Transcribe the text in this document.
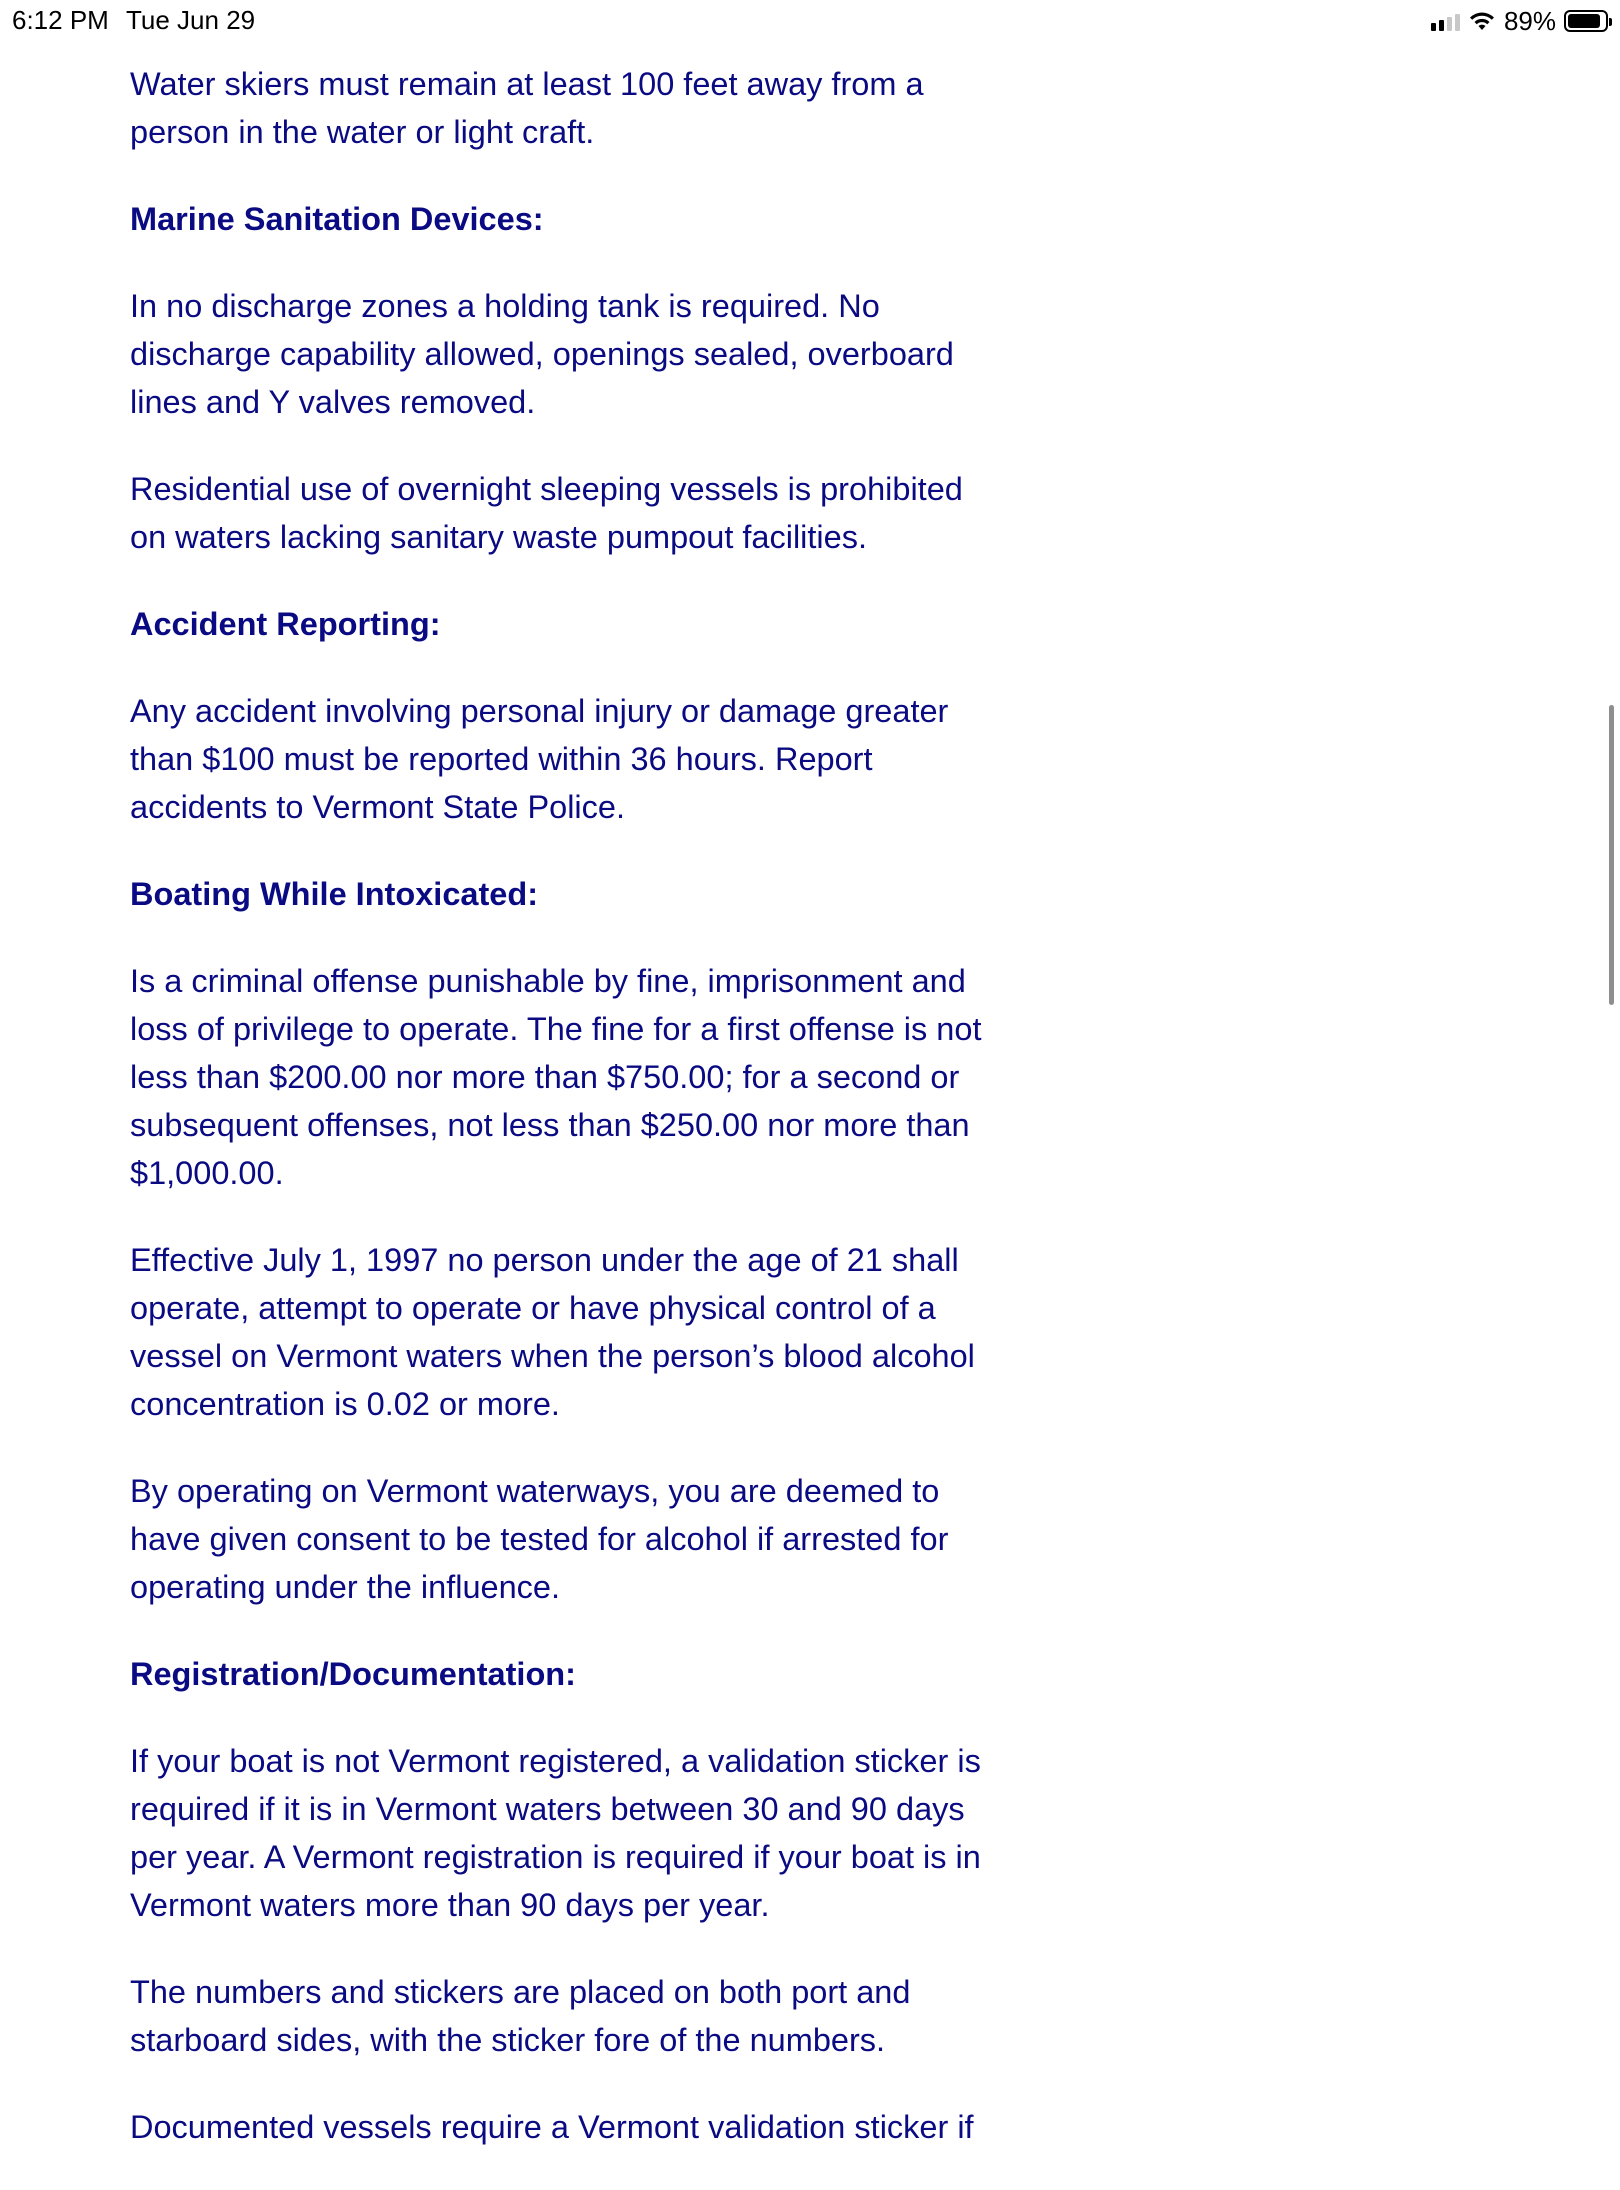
6:12 PM Tue Jun 29	89%

Water skiers must remain at least 100 feet away from a person in the water or light craft.

Marine Sanitation Devices:

In no discharge zones a holding tank is required. No discharge capability allowed, openings sealed, overboard lines and Y valves removed.

Residential use of overnight sleeping vessels is prohibited on waters lacking sanitary waste pumpout facilities.

Accident Reporting:

Any accident involving personal injury or damage greater than $100 must be reported within 36 hours. Report accidents to Vermont State Police.

Boating While Intoxicated:

Is a criminal offense punishable by fine, imprisonment and loss of privilege to operate. The fine for a first offense is not less than $200.00 nor more than $750.00; for a second or subsequent offenses, not less than $250.00 nor more than $1,000.00.

Effective July 1, 1997 no person under the age of 21 shall operate, attempt to operate or have physical control of a vessel on Vermont waters when the person’s blood alcohol concentration is 0.02 or more.

By operating on Vermont waterways, you are deemed to have given consent to be tested for alcohol if arrested for operating under the influence.

Registration/Documentation:

If your boat is not Vermont registered, a validation sticker is required if it is in Vermont waters between 30 and 90 days per year. A Vermont registration is required if your boat is in Vermont waters more than 90 days per year.

The numbers and stickers are placed on both port and starboard sides, with the sticker fore of the numbers.

Documented vessels require a Vermont validation sticker if
